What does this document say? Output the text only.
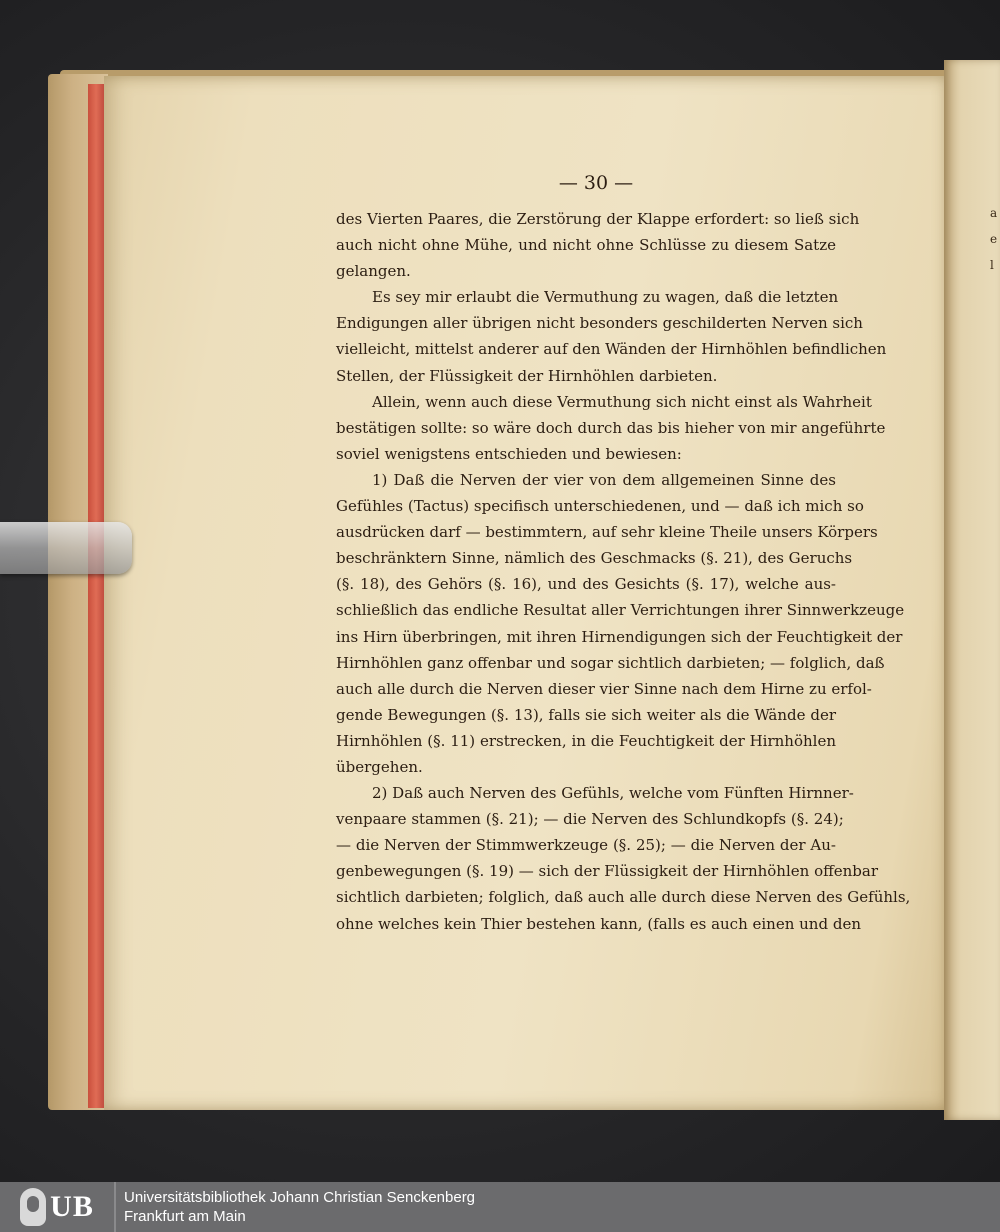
a
e
l
— 30 —
des Vierten Paares, die Zerstörung der Klappe erfordert: so ließ sich
auch nicht ohne Mühe, und nicht ohne Schlüsse zu diesem Satze
gelangen.
Es sey mir erlaubt die Vermuthung zu wagen, daß die letzten
Endigungen aller übrigen nicht besonders geschilderten Nerven sich
vielleicht, mittelst anderer auf den Wänden der Hirnhöhlen befindlichen
Stellen, der Flüssigkeit der Hirnhöhlen darbieten.
Allein, wenn auch diese Vermuthung sich nicht einst als Wahrheit
bestätigen sollte: so wäre doch durch das bis hieher von mir angeführte
soviel wenigstens entschieden und bewiesen:
1) Daß die Nerven der vier von dem allgemeinen Sinne des
Gefühles (Tactus) specifisch unterschiedenen, und — daß ich mich so
ausdrücken darf — bestimmtern, auf sehr kleine Theile unsers Körpers
beschränktern Sinne, nämlich des Geschmacks (§. 21), des Geruchs
(§. 18), des Gehörs (§. 16), und des Gesichts (§. 17), welche aus-
schließlich das endliche Resultat aller Verrichtungen ihrer Sinnwerkzeuge
ins Hirn überbringen, mit ihren Hirnendigungen sich der Feuchtigkeit der
Hirnhöhlen ganz offenbar und sogar sichtlich darbieten; — folglich, daß
auch alle durch die Nerven dieser vier Sinne nach dem Hirne zu erfol-
gende Bewegungen (§. 13), falls sie sich weiter als die Wände der
Hirnhöhlen (§. 11) erstrecken, in die Feuchtigkeit der Hirnhöhlen
übergehen.
2) Daß auch Nerven des Gefühls, welche vom Fünften Hirnner-
venpaare stammen (§. 21); — die Nerven des Schlundkopfs (§. 24);
— die Nerven der Stimmwerkzeuge (§. 25); — die Nerven der Au-
genbewegungen (§. 19) — sich der Flüssigkeit der Hirnhöhlen offenbar
sichtlich darbieten; folglich, daß auch alle durch diese Nerven des Gefühls,
ohne welches kein Thier bestehen kann, (falls es auch einen und den
UB Universitätsbibliothek Johann Christian Senckenberg
Frankfurt am Main
